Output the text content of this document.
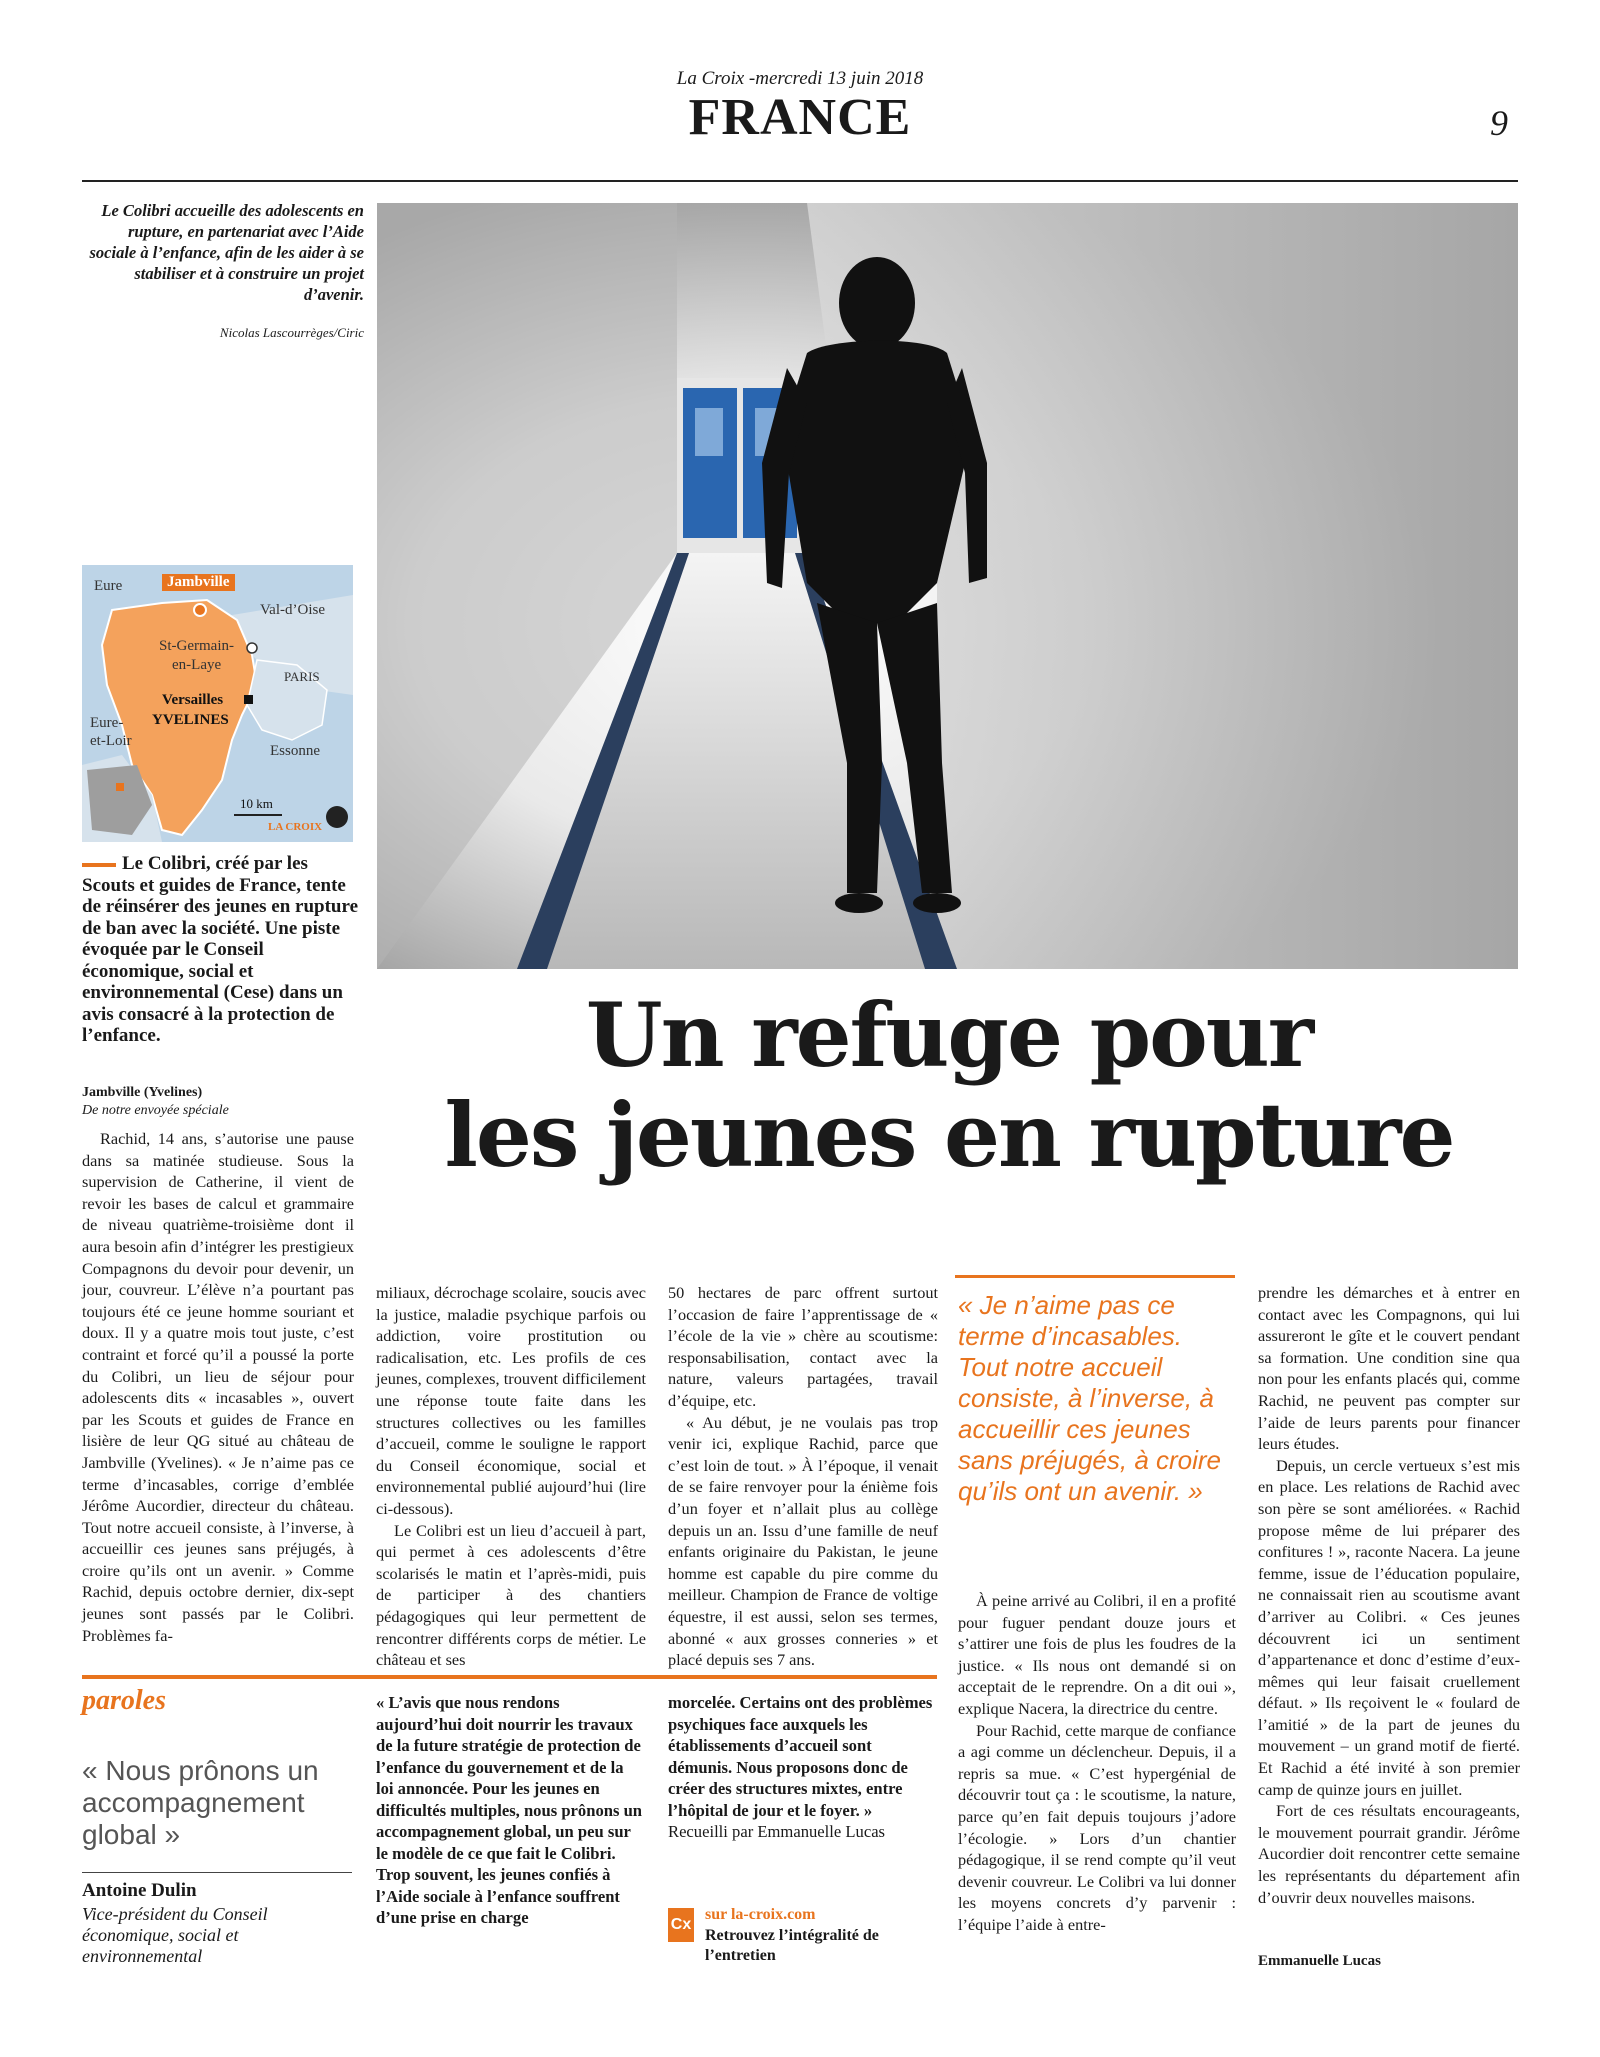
La Croix -mercredi 13 juin 2018
FRANCE	9
Le Colibri accueille des adolescents en rupture, en partenariat avec l’Aide sociale à l’enfance, afin de les aider à se stabiliser et à construire un projet d’avenir.
Nicolas Lascourrèges/Ciric
Eure	Jambville
Val-d’Oise
St-Germain-
en-Laye
PARIS
Versailles
YVELINES
Eure-
et-Loir
Essonne
10 km
LA CROIX
Le Colibri, créé par les Scouts et guides de France, tente de réinsérer des jeunes en rupture de ban avec la société. Une piste évoquée par le Conseil économique, social et environnemental (Cese) dans un avis consacré à la protection de l’enfance.
Jambville (Yvelines)
De notre envoyée spéciale
Un refuge pour
les jeunes en rupture

Rachid, 14 ans, s’autorise une pause dans sa matinée studieuse. Sous la supervision de Catherine, il vient de revoir les bases de calcul et grammaire de niveau quatrième-troisième dont il aura besoin afin d’intégrer les prestigieux Compagnons du devoir pour devenir, un jour, couvreur. L’élève n’a pourtant pas toujours été ce jeune homme souriant et doux. Il y a quatre mois tout juste, c’est contraint et forcé qu’il a poussé la porte du Colibri, un lieu de séjour pour adolescents dits « incasables », ouvert par les Scouts et guides de France en lisière de leur QG situé au château de Jambville (Yvelines). « Je n’aime pas ce terme d’incasables, corrige d’emblée Jérôme Aucordier, directeur du château. Tout notre accueil consiste, à l’inverse, à accueillir ces jeunes sans préjugés, à croire qu’ils ont un avenir. » Comme Rachid, depuis octobre dernier, dix-sept jeunes sont passés par le Colibri. Problèmes fa-

miliaux, décrochage scolaire, soucis avec la justice, maladie psychique parfois ou addiction, voire prostitution ou radicalisation, etc. Les profils de ces jeunes, complexes, trouvent difficilement une réponse toute faite dans les structures collectives ou les familles d’accueil, comme le souligne le rapport du Conseil économique, social et environnemental publié aujourd’hui (lire ci-dessous).

Le Colibri est un lieu d’accueil à part, qui permet à ces adolescents d’être scolarisés le matin et l’après-midi, puis de participer à des chantiers pédagogiques qui leur permettent de rencontrer différents corps de métier. Le château et ses

50 hectares de parc offrent surtout l’occasion de faire l’apprentissage de « l’école de la vie » chère au scoutisme: responsabilisation, contact avec la nature, valeurs partagées, travail d’équipe, etc.

« Au début, je ne voulais pas trop venir ici, explique Rachid, parce que c’est loin de tout. » À l’époque, il venait de se faire renvoyer pour la énième fois d’un foyer et n’allait plus au collège depuis un an. Issu d’une famille de neuf enfants originaire du Pakistan, le jeune homme est capable du pire comme du meilleur. Champion de France de voltige équestre, il est aussi, selon ses termes, abonné « aux grosses conneries » et placé depuis ses 7 ans.

« Je n’aime pas ce terme d’incasables. Tout notre accueil consiste, à l’inverse, à accueillir ces jeunes sans préjugés, à croire qu’ils ont un avenir. »

À peine arrivé au Colibri, il en a profité pour fuguer pendant douze jours et s’attirer une fois de plus les foudres de la justice. « Ils nous ont demandé si on acceptait de le reprendre. On a dit oui », explique Nacera, la directrice du centre.

Pour Rachid, cette marque de confiance a agi comme un déclencheur. Depuis, il a repris sa mue. « C’est hypergénial de découvrir tout ça : le scoutisme, la nature, parce qu’en fait depuis toujours j’adore l’écologie. » Lors d’un chantier pédagogique, il se rend compte qu’il veut devenir couvreur. Le Colibri va lui donner les moyens concrets d’y parvenir : l’équipe l’aide à entre-

prendre les démarches et à entrer en contact avec les Compagnons, qui lui assureront le gîte et le couvert pendant sa formation. Une condition sine qua non pour les enfants placés qui, comme Rachid, ne peuvent pas compter sur l’aide de leurs parents pour financer leurs études.

Depuis, un cercle vertueux s’est mis en place. Les relations de Rachid avec son père se sont améliorées. « Rachid propose même de lui préparer des confitures ! », raconte Nacera. La jeune femme, issue de l’éducation populaire, ne connaissait rien au scoutisme avant d’arriver au Colibri. « Ces jeunes découvrent ici un sentiment d’appartenance et donc d’estime d’eux-mêmes qui leur faisait cruellement défaut. » Ils reçoivent le « foulard de l’amitié » de la part de jeunes du mouvement – un grand motif de fierté. Et Rachid a été invité à son premier camp de quinze jours en juillet.

Fort de ces résultats encourageants, le mouvement pourrait grandir. Jérôme Aucordier doit rencontrer cette semaine les représentants du département afin d’ouvrir deux nouvelles maisons.

Emmanuelle Lucas
paroles
« Nous prônons un accompagnement global »
Antoine Dulin
Vice-président du Conseil économique, social et environnemental
« L’avis que nous rendons aujourd’hui doit nourrir les travaux de la future stratégie de protection de l’enfance du gouvernement et de la loi annoncée. Pour les jeunes en difficultés multiples, nous prônons un accompagnement global, un peu sur le modèle de ce que fait le Colibri. Trop souvent, les jeunes confiés à l’Aide sociale à l’enfance souffrent d’une prise en charge
morcelée. Certains ont des problèmes psychiques face auxquels les établissements d’accueil sont démunis. Nous proposons donc de créer des structures mixtes, entre l’hôpital de jour et le foyer. »
Recueilli par Emmanuelle Lucas
Cx
sur la-croix.com
Retrouvez l’intégralité de l’entretien
